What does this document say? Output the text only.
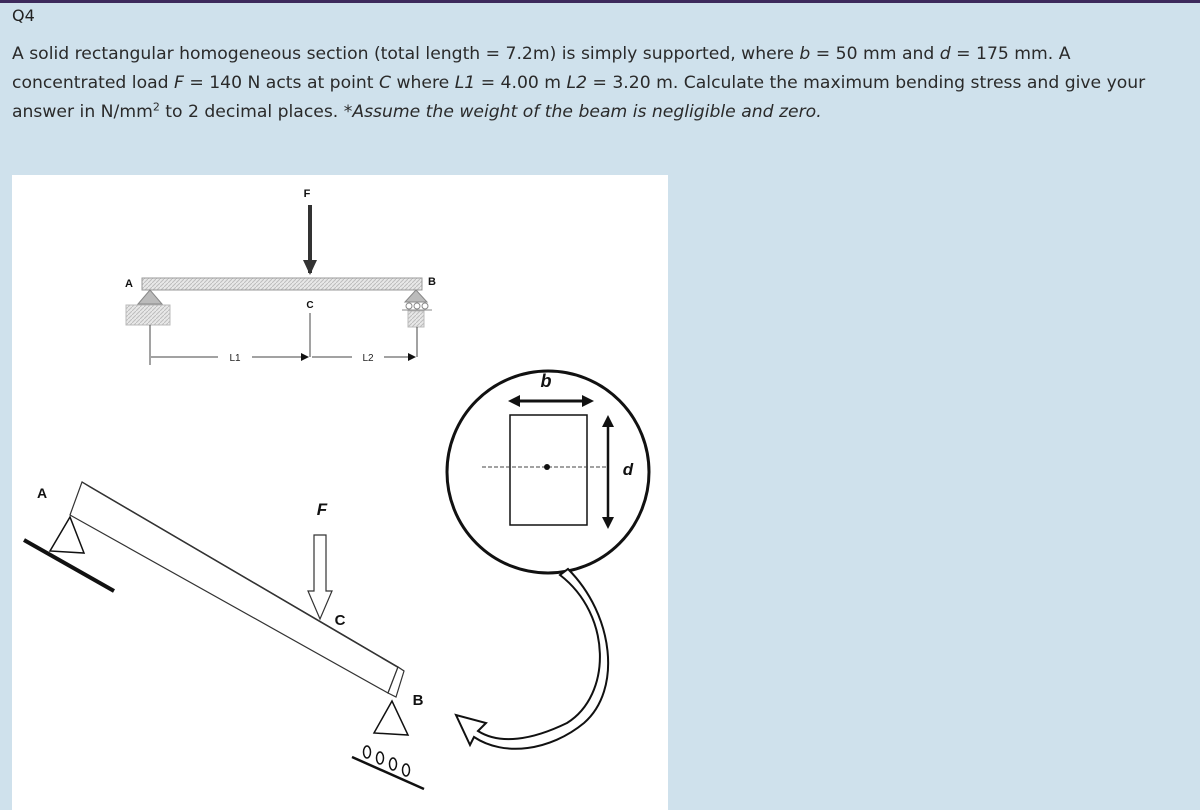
Q4
A solid rectangular homogeneous section (total length = 7.2m) is simply supported, where b = 50 mm and d = 175 mm. A concentrated load F = 140 N acts at point C where L1 = 4.00 m L2 = 3.20 m. Calculate the maximum bending stress and give your answer in $N/mm^2$ to 2 decimal places. *Assume the weight of the beam is negligible and zero.
F
A	B
C
L1	L2
b
d
A
F
C
B
